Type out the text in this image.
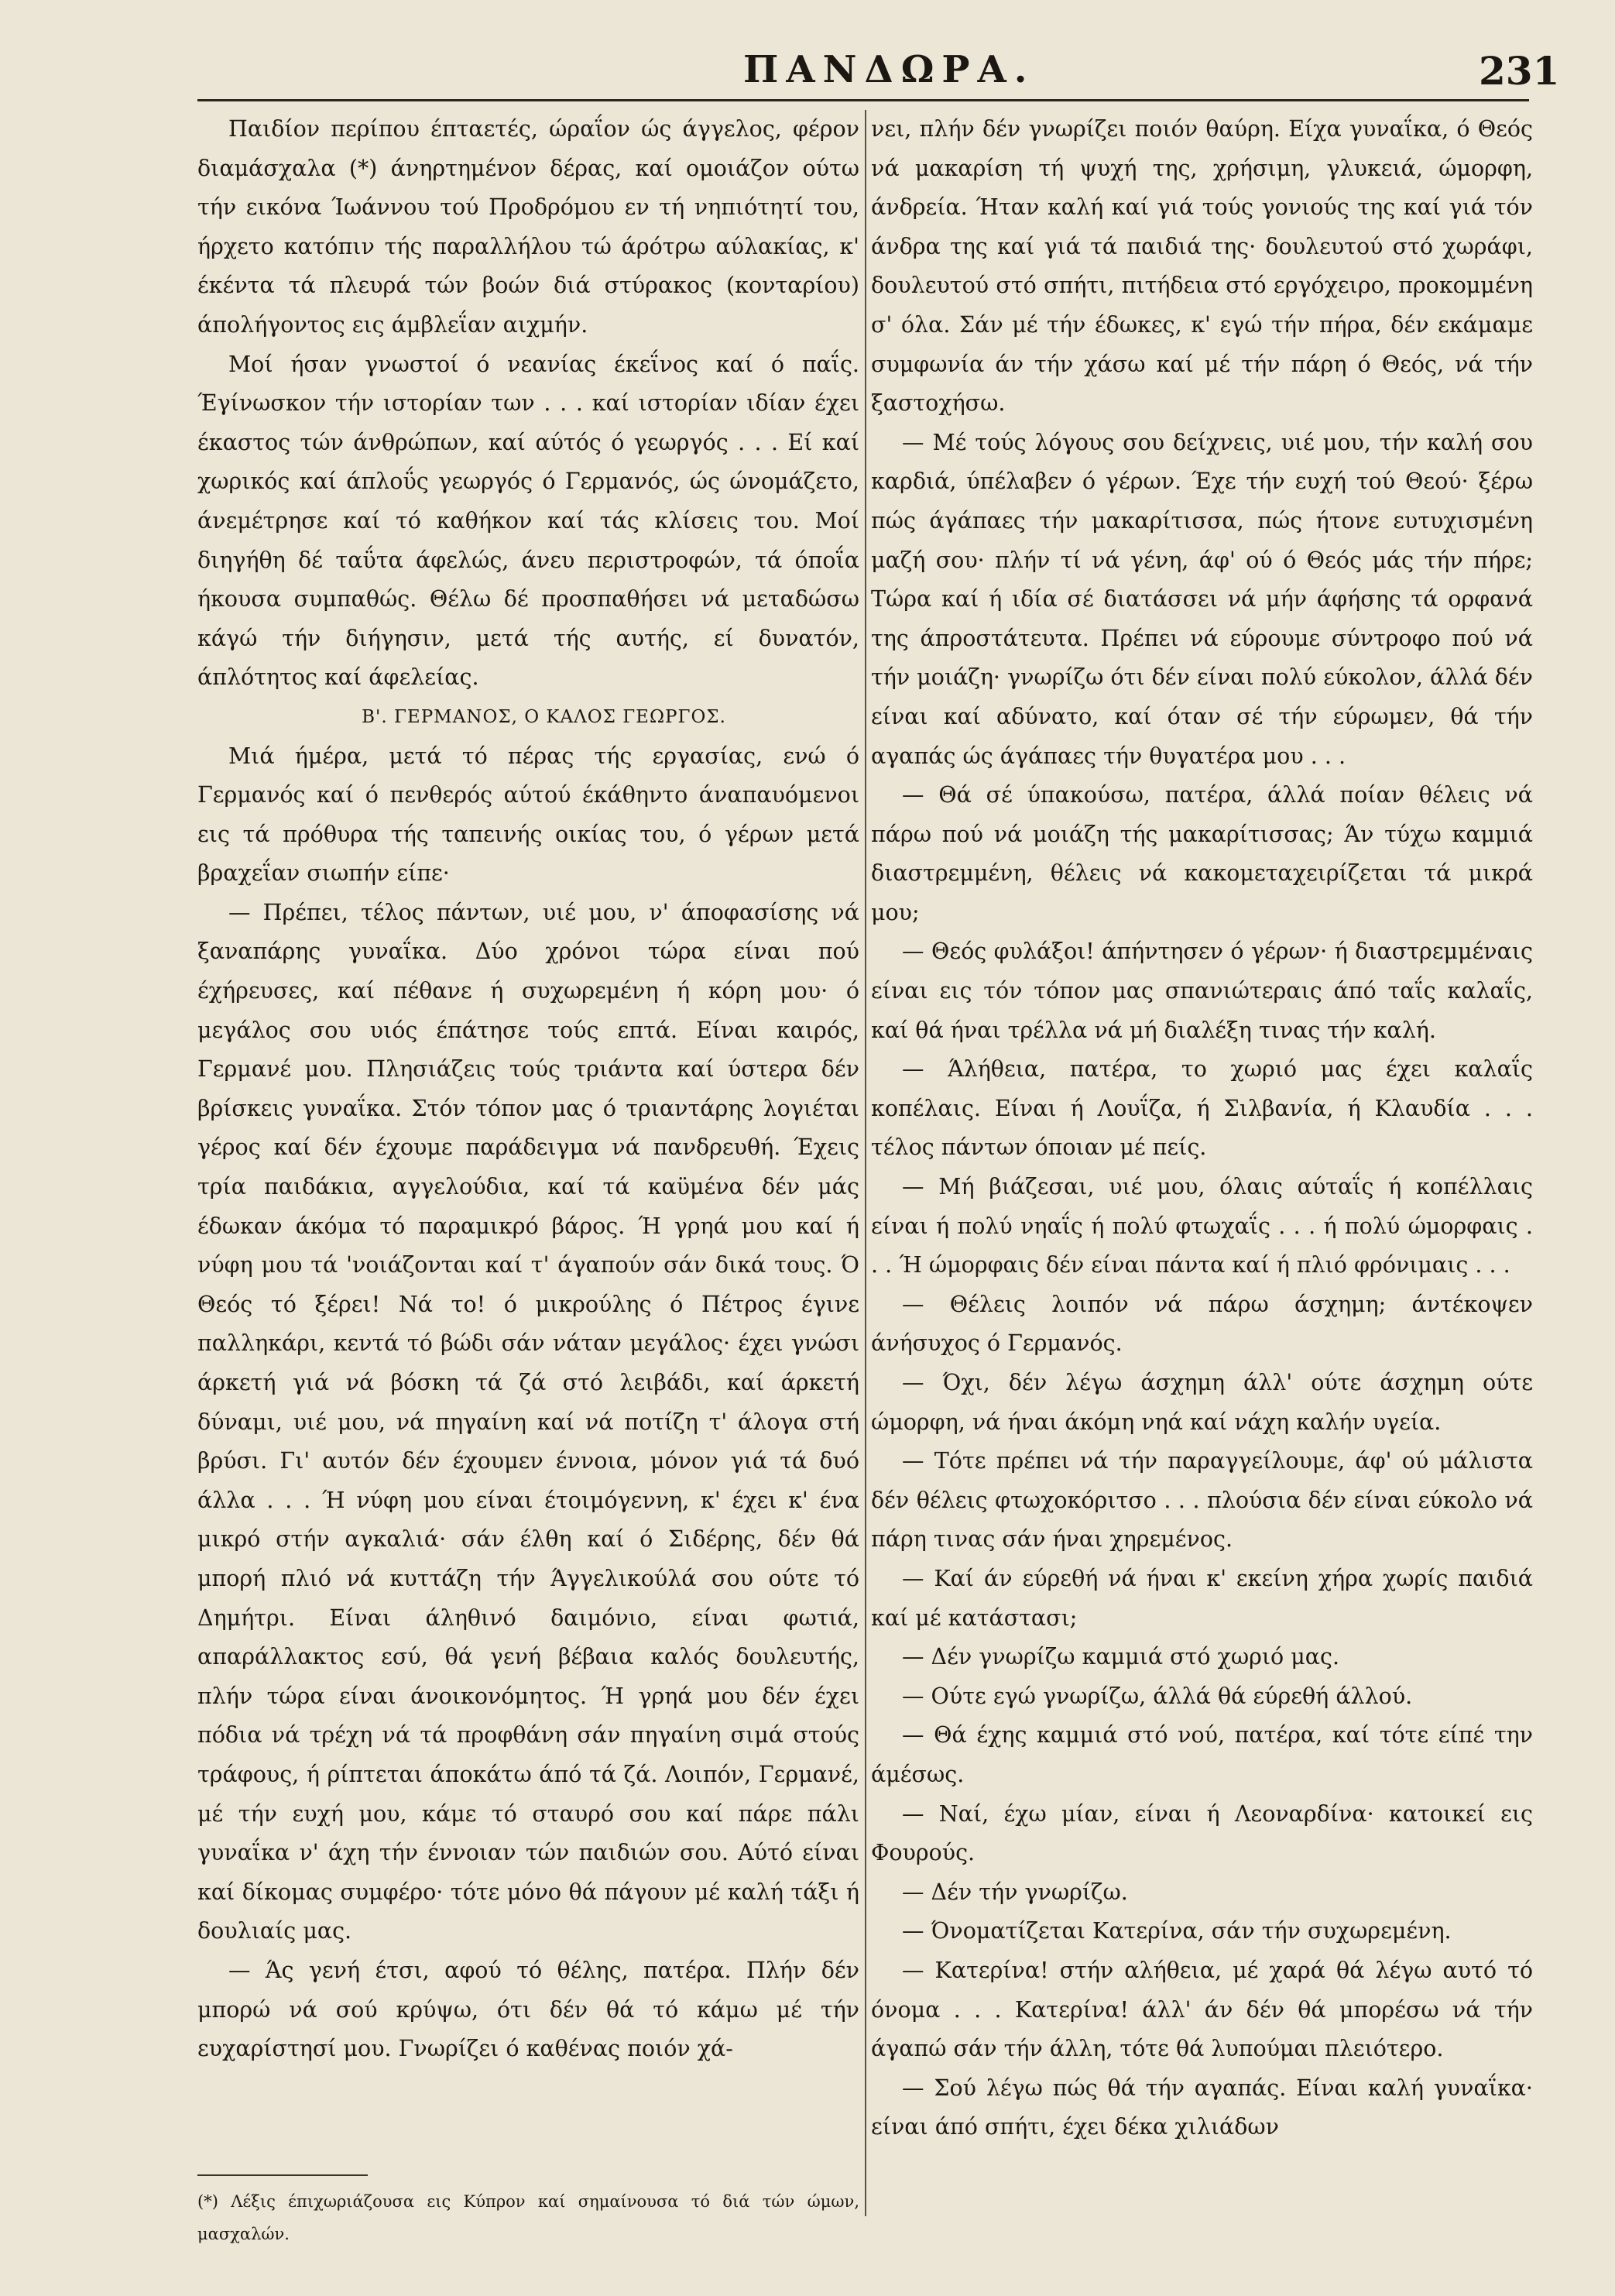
ΠΑΝΔΩΡΑ.	231

Παιδίον περίπου έπταετές, ώραΐον ώς άγγελος, φέρον διαμάσχαλα (*) άνηρτημένον δέρας, καί ομοιάζον ούτω τήν εικόνα Ίωάννου τού Προδρόμου εν τή νηπιότητί του, ήρχετο κατόπιν τής παραλλήλου τώ άρότρω αύλακίας, κ' έκέντα τά πλευρά τών βοών διά στύρακος (κονταρίου) άπολήγοντος εις άμβλεΐαν αιχμήν.

Μοί ήσαν γνωστοί ό νεανίας έκεΐνος καί ό παΐς. Έγίνωσκον τήν ιστορίαν των . . . καί ιστορίαν ιδίαν έχει έκαστος τών άνθρώπων, καί αύτός ό γεωργός . . . Εί καί χωρικός καί άπλοΰς γεωργός ό Γερμανός, ώς ώνομάζετο, άνεμέτρησε καί τό καθήκον καί τάς κλίσεις του. Μοί διηγήθη δέ ταΰτα άφελώς, άνευ περιστροφών, τά όποΐα ήκουσα συμπαθώς. Θέλω δέ προσπαθήσει νά μεταδώσω κάγώ τήν διήγησιν, μετά τής αυτής, εί δυνατόν, άπλότητος καί άφελείας.

Β'. ΓΕΡΜΑΝΟΣ, Ο ΚΑΛΟΣ ΓΕΩΡΓΟΣ.

Μιά ήμέρα, μετά τό πέρας τής εργασίας, ενώ ό Γερμανός καί ό πενθερός αύτού έκάθηντο άναπαυόμενοι εις τά πρόθυρα τής ταπεινής οικίας του, ό γέρων μετά βραχεΐαν σιωπήν είπε·

— Πρέπει, τέλος πάντων, υιέ μου, ν' άποφασίσης νά ξαναπάρης γυναΐκα. Δύο χρόνοι τώρα είναι πού έχήρευσες, καί πέθανε ή συχωρεμένη ή κόρη μου· ό μεγάλος σου υιός έπάτησε τούς επτά. Είναι καιρός, Γερμανέ μου. Πλησιάζεις τούς τριάντα καί ύστερα δέν βρίσκεις γυναΐκα. Στόν τόπον μας ό τριαντάρης λογιέται γέρος καί δέν έχουμε παράδειγμα νά πανδρευθή. Έχεις τρία παιδάκια, αγγελούδια, καί τά καϋμένα δέν μάς έδωκαν άκόμα τό παραμικρό βάρος. Ή γρηά μου καί ή νύφη μου τά 'νοιάζονται καί τ' άγαπούν σάν δικά τους. Ό Θεός τό ξέρει! Νά το! ό μικρούλης ό Πέτρος έγινε παλληκάρι, κεντά τό βώδι σάν νάταν μεγάλος· έχει γνώσι άρκετή γιά νά βόσκη τά ζά στό λειβάδι, καί άρκετή δύναμι, υιέ μου, νά πηγαίνη καί νά ποτίζη τ' άλογα στή βρύσι. Γι' αυτόν δέν έχουμεν έννοια, μόνον γιά τά δυό άλλα . . . Ή νύφη μου είναι έτοιμόγεννη, κ' έχει κ' ένα μικρό στήν αγκαλιά· σάν έλθη καί ό Σιδέρης, δέν θά μπορή πλιό νά κυττάζη τήν Άγγελικούλά σου ούτε τό Δημήτρι. Είναι άληθινό δαιμόνιο, είναι φωτιά, απαράλλακτος εσύ, θά γενή βέβαια καλός δουλευτής, πλήν τώρα είναι άνοικονόμητος. Ή γρηά μου δέν έχει πόδια νά τρέχη νά τά προφθάνη σάν πηγαίνη σιμά στούς τράφους, ή ρίπτεται άποκάτω άπό τά ζά. Λοιπόν, Γερμανέ, μέ τήν ευχή μου, κάμε τό σταυρό σου καί πάρε πάλι γυναΐκα ν' άχη τήν έννοιαν τών παιδιών σου. Αύτό είναι καί δίκομας συμφέρο· τότε μόνο θά πάγουν μέ καλή τάξι ή δουλιαίς μας.

— Άς γενή έτσι, αφού τό θέλης, πατέρα. Πλήν δέν μπορώ νά σού κρύψω, ότι δέν θά τό κάμω μέ τήν ευχαρίστησί μου. Γνωρίζει ό καθένας ποιόν χά-

νει, πλήν δέν γνωρίζει ποιόν θαύρη. Είχα γυναΐκα, ό Θεός νά μακαρίση τή ψυχή της, χρήσιμη, γλυκειά, ώμορφη, άνδρεία. Ήταν καλή καί γιά τούς γονιούς της καί γιά τόν άνδρα της καί γιά τά παιδιά της· δουλευτού στό χωράφι, δουλευτού στό σπήτι, πιτήδεια στό εργόχειρο, προκομμένη σ' όλα. Σάν μέ τήν έδωκες, κ' εγώ τήν πήρα, δέν εκάμαμε συμφωνία άν τήν χάσω καί μέ τήν πάρη ό Θεός, νά τήν ξαστοχήσω.

— Μέ τούς λόγους σου δείχνεις, υιέ μου, τήν καλή σου καρδιά, ύπέλαβεν ό γέρων. Έχε τήν ευχή τού Θεού· ξέρω πώς άγάπαες τήν μακαρίτισσα, πώς ήτονε ευτυχισμένη μαζή σου· πλήν τί νά γένη, άφ' ού ό Θεός μάς τήν πήρε; Τώρα καί ή ιδία σέ διατάσσει νά μήν άφήσης τά ορφανά της άπροστάτευτα. Πρέπει νά εύρουμε σύντροφο πού νά τήν μοιάζη· γνωρίζω ότι δέν είναι πολύ εύκολον, άλλά δέν είναι καί αδύνατο, καί όταν σέ τήν εύρωμεν, θά τήν αγαπάς ώς άγάπαες τήν θυγατέρα μου . . .

— Θά σέ ύπακούσω, πατέρα, άλλά ποίαν θέλεις νά πάρω πού νά μοιάζη τής μακαρίτισσας; Άν τύχω καμμιά διαστρεμμένη, θέλεις νά κακομεταχειρίζεται τά μικρά μου;

— Θεός φυλάξοι! άπήντησεν ό γέρων· ή διαστρεμμέναις είναι εις τόν τόπον μας σπανιώτεραις άπό ταΐς καλαΐς, καί θά ήναι τρέλλα νά μή διαλέξη τινας τήν καλή.

— Άλήθεια, πατέρα, το χωριό μας έχει καλαΐς κοπέλαις. Είναι ή Λουΐζα, ή Σιλβανία, ή Κλαυδία . . . τέλος πάντων όποιαν μέ πείς.

— Μή βιάζεσαι, υιέ μου, όλαις αύταΐς ή κοπέλλαις είναι ή πολύ νηαΐς ή πολύ φτωχαΐς . . . ή πολύ ώμορφαις . . . Ή ώμορφαις δέν είναι πάντα καί ή πλιό φρόνιμαις . . .

— Θέλεις λοιπόν νά πάρω άσχημη; άντέκοψεν άνήσυχος ό Γερμανός.

— Όχι, δέν λέγω άσχημη άλλ' ούτε άσχημη ούτε ώμορφη, νά ήναι άκόμη νηά καί νάχη καλήν υγεία.

— Τότε πρέπει νά τήν παραγγείλουμε, άφ' ού μάλιστα δέν θέλεις φτωχοκόριτσο . . . πλούσια δέν είναι εύκολο νά πάρη τινας σάν ήναι χηρεμένος.

— Καί άν εύρεθή νά ήναι κ' εκείνη χήρα χωρίς παιδιά καί μέ κατάστασι;

— Δέν γνωρίζω καμμιά στό χωριό μας.

— Ούτε εγώ γνωρίζω, άλλά θά εύρεθή άλλού.

— Θά έχης καμμιά στό νού, πατέρα, καί τότε είπέ την άμέσως.

— Ναί, έχω μίαν, είναι ή Λεοναρδίνα· κατοικεί εις Φουρούς.

— Δέν τήν γνωρίζω.

— Όνοματίζεται Κατερίνα, σάν τήν συχωρεμένη.

— Κατερίνα! στήν αλήθεια, μέ χαρά θά λέγω αυτό τό όνομα . . . Κατερίνα! άλλ' άν δέν θά μπορέσω νά τήν άγαπώ σάν τήν άλλη, τότε θά λυπούμαι πλειότερο.

— Σού λέγω πώς θά τήν αγαπάς. Είναι καλή γυναΐκα· είναι άπό σπήτι, έχει δέκα χιλιάδων

(*) Λέξις έπιχωριάζουσα εις Κύπρον καί σημαίνουσα τό διά τών ώμων, μασχαλών.
